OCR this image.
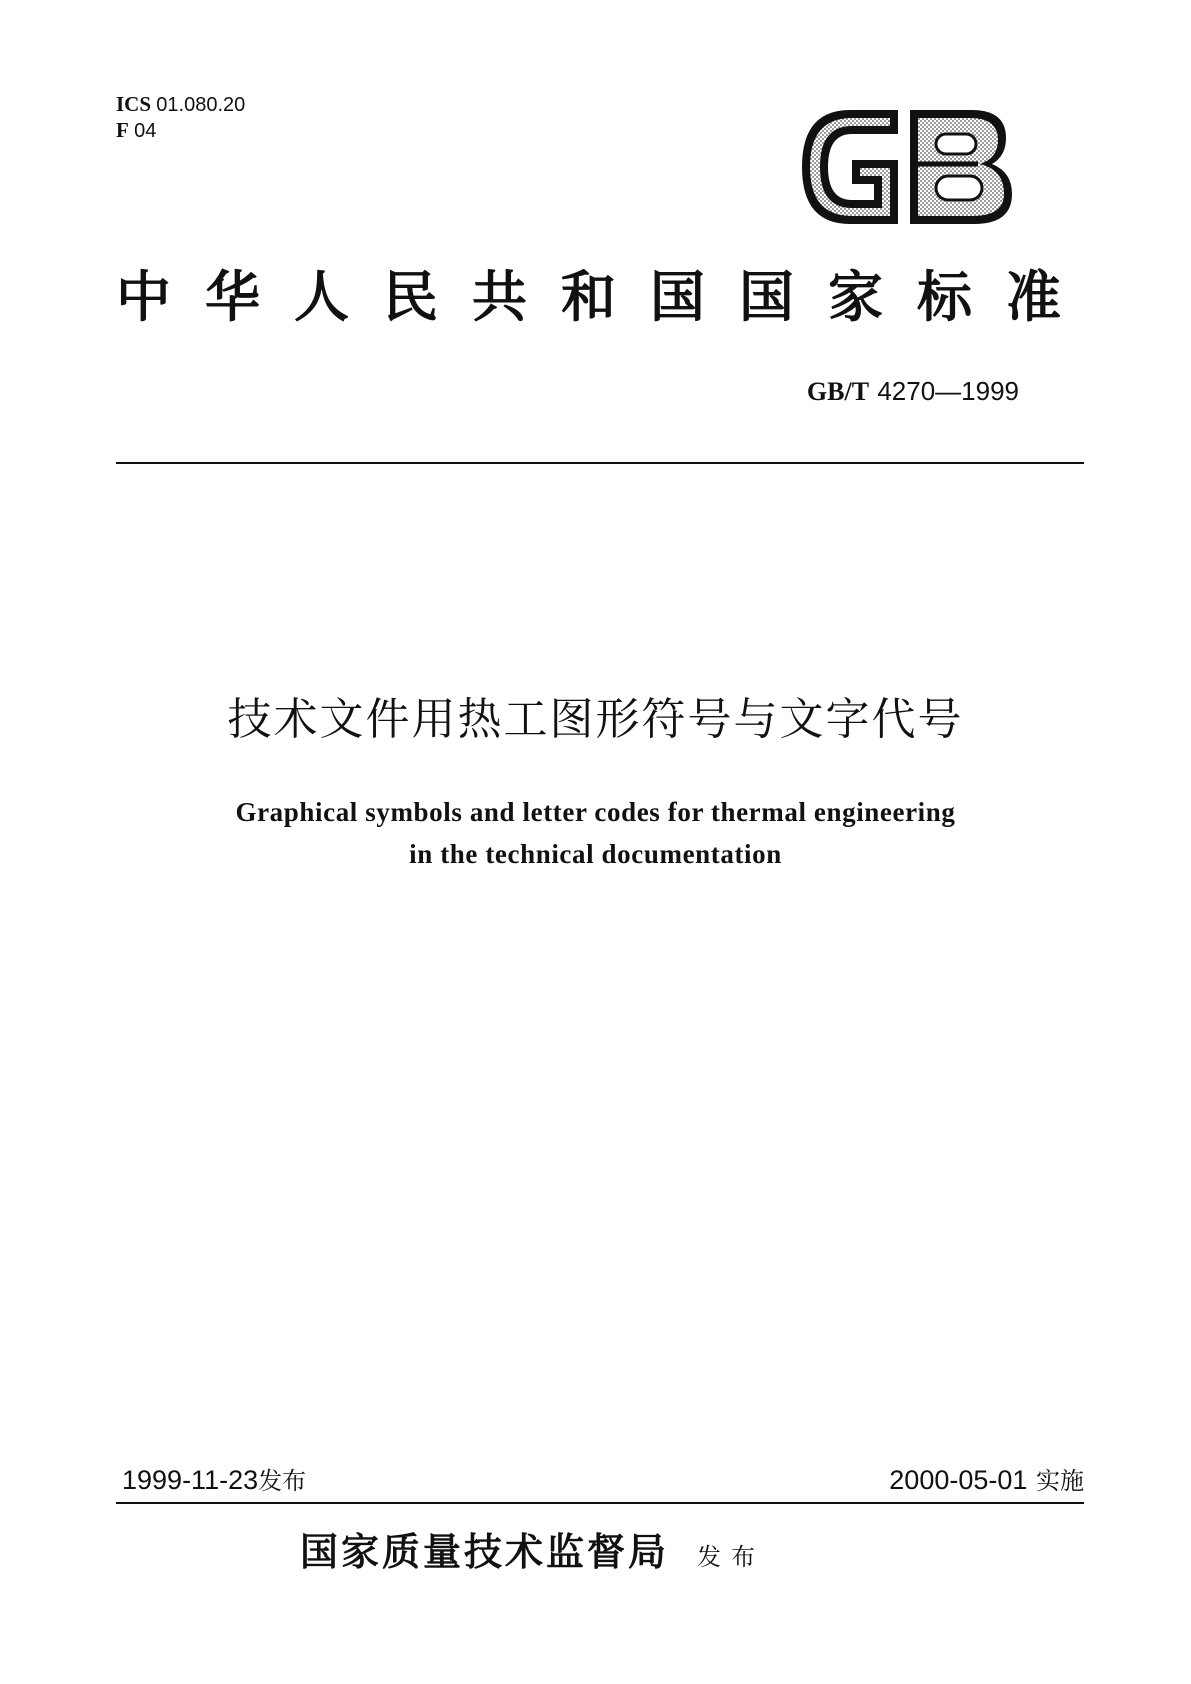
ICS 01.080.20
F 04
中华人民共和国国家标准
GB/T 4270—1999
技术文件用热工图形符号与文字代号
Graphical symbols and letter codes for thermal engineering
in the technical documentation
1999-11-23发布	2000-05-01 实施
国家质量技术监督局 发布
